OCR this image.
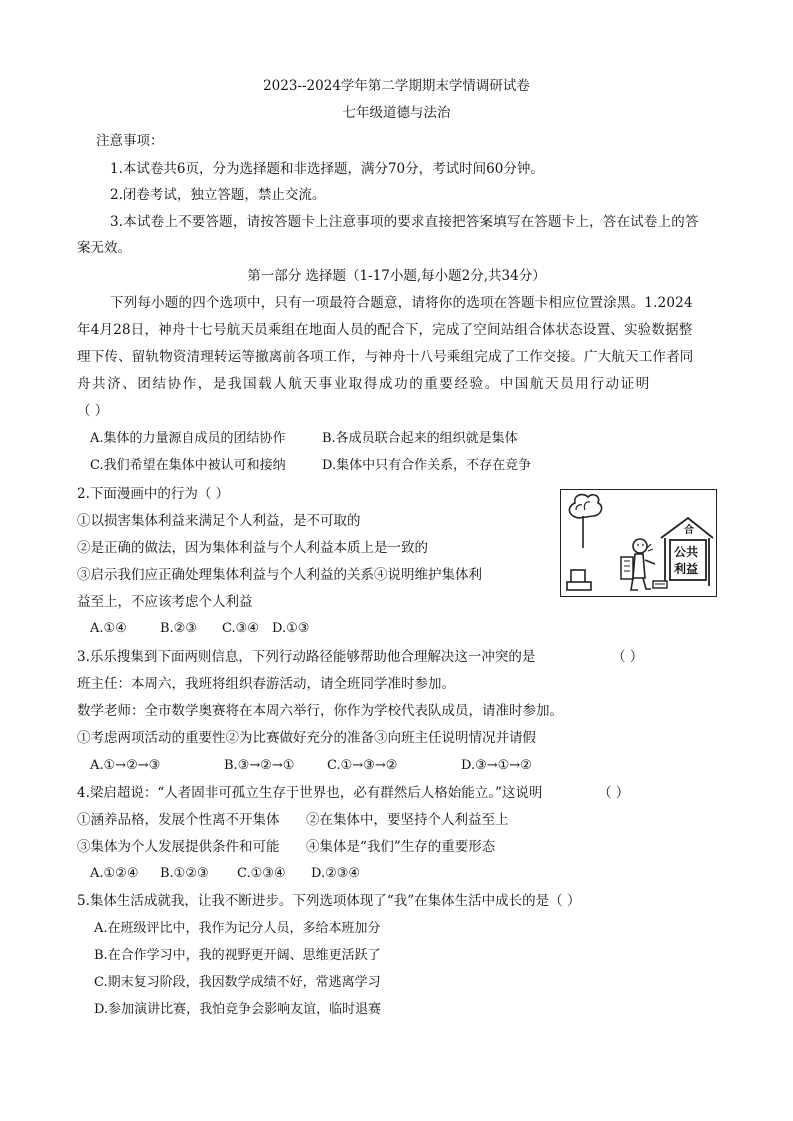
2023--2024学年第二学期期末学情调研试卷
七年级道德与法治
注意事项：
1.本试卷共6页，分为选择题和非选择题，满分70分，考试时间60分钟。
2.闭卷考试，独立答题，禁止交流。
3.本试卷上不要答题，请按答题卡上注意事项的要求直接把答案填写在答题卡上，答在试卷上的答
案无效。
第一部分 选择题（1-17小题,每小题2分,共34分）
下列每小题的四个选项中，只有一项最符合题意，请将你的选项在答题卡相应位置涂黑。1.2024
年4月28日，神舟十七号航天员乘组在地面人员的配合下，完成了空间站组合体状态设置、实验数据整
理下传、留轨物资清理转运等撤离前各项工作，与神舟十八号乘组完成了工作交接。广大航天工作者同
舟共济、团结协作，是我国载人航天事业取得成功的重要经验。中国航天员用行动证明
（ ）
A.集体的力量源自成员的团结协作	B.各成员联合起来的组织就是集体
C.我们希望在集体中被认可和接纳	D.集体中只有合作关系，不存在竞争
2.下面漫画中的行为（ ）
①以损害集体利益来满足个人利益，是不可取的
②是正确的做法，因为集体利益与个人利益本质上是一致的
③启示我们应正确处理集体利益与个人利益的关系④说明维护集体利
益至上，不应该考虑个人利益
A.①④	B.②③ C.③④ D.①③
合
公共
利益
3.乐乐搜集到下面两则信息，下列行动路径能够帮助他合理解决这一冲突的是	（ ）
班主任：本周六，我班将组织春游活动，请全班同学准时参加。
数学老师：全市数学奥赛将在本周六举行，你作为学校代表队成员，请准时参加。
①考虑两项活动的重要性②为比赛做好充分的准备③向班主任说明情况并请假
A.①→②→③	B.③→②→①	C.①→③→②	D.③→①→②
4.梁启超说：“人者固非可孤立生存于世界也，必有群然后人格始能立。”这说明	（ ）
①涵养品格，发展个性离不开集体 ②在集体中，要坚持个人利益至上
③集体为个人发展提供条件和可能 ④集体是“我们”生存的重要形态
A.①②④ B.①②③ C.①③④ D.②③④
5.集体生活成就我，让我不断进步。下列选项体现了“我”在集体生活中成长的是（ ）
A.在班级评比中，我作为记分人员，多给本班加分
B.在合作学习中，我的视野更开阔、思维更活跃了
C.期末复习阶段，我因数学成绩不好，常逃离学习
D.参加演讲比赛，我怕竞争会影响友谊，临时退赛
